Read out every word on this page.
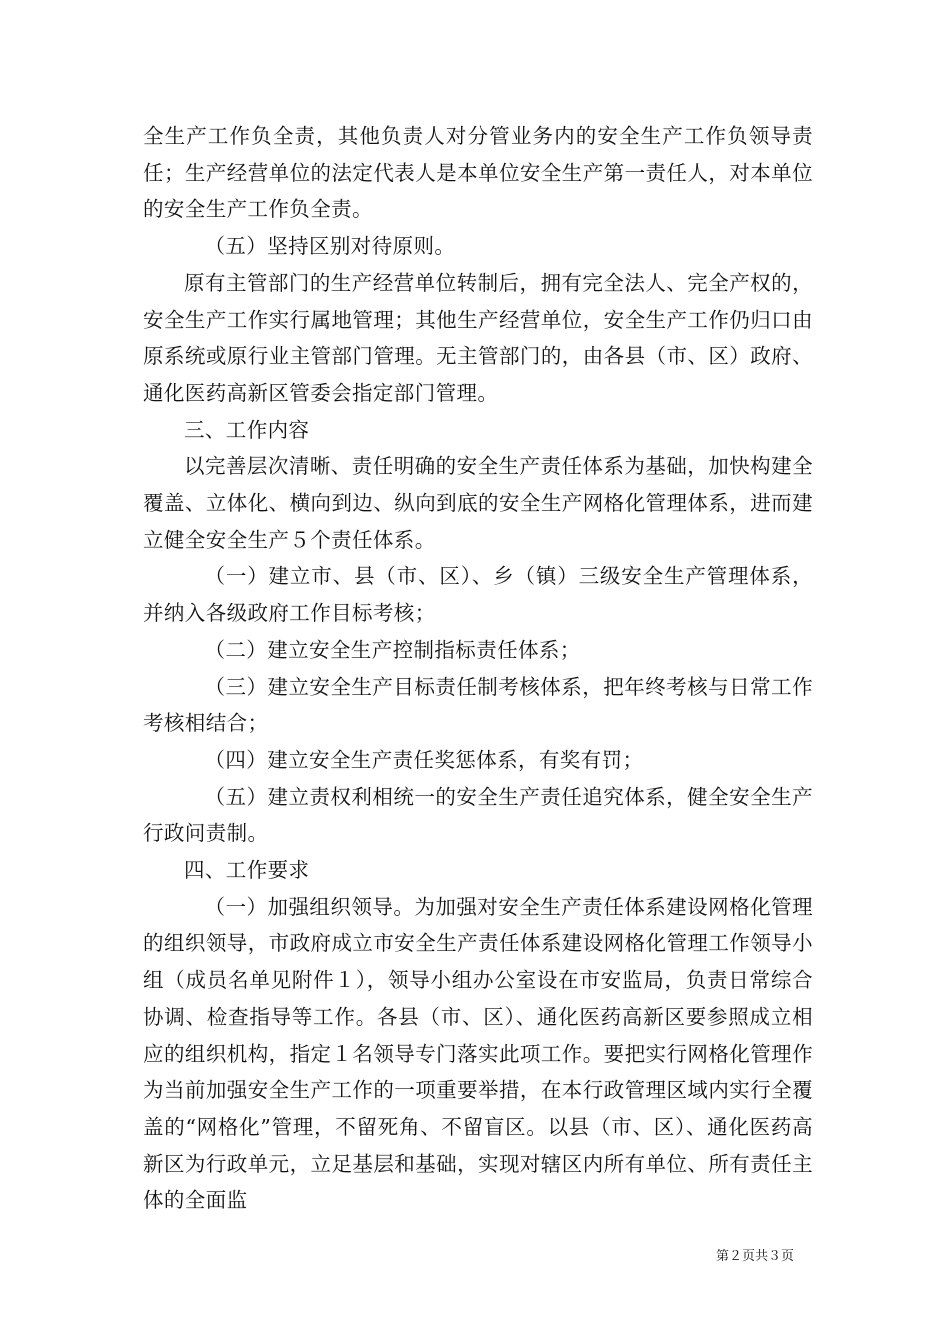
全生产工作负全责，其他负责人对分管业务内的安全生产工作负领导责任；生产经营单位的法定代表人是本单位安全生产第一责任人，对本单位的安全生产工作负全责。

（五）坚持区别对待原则。

原有主管部门的生产经营单位转制后，拥有完全法人、完全产权的，安全生产工作实行属地管理；其他生产经营单位，安全生产工作仍归口由原系统或原行业主管部门管理。无主管部门的，由各县（市、区）政府、通化医药高新区管委会指定部门管理。

三、工作内容

以完善层次清晰、责任明确的安全生产责任体系为基础，加快构建全覆盖、立体化、横向到边、纵向到底的安全生产网格化管理体系，进而建立健全安全生产５个责任体系。

（一）建立市、县（市、区）、乡（镇）三级安全生产管理体系，并纳入各级政府工作目标考核；

（二）建立安全生产控制指标责任体系；

（三）建立安全生产目标责任制考核体系，把年终考核与日常工作考核相结合；

（四）建立安全生产责任奖惩体系，有奖有罚；

（五）建立责权利相统一的安全生产责任追究体系，健全安全生产行政问责制。

四、工作要求

（一）加强组织领导。为加强对安全生产责任体系建设网格化管理的组织领导，市政府成立市安全生产责任体系建设网格化管理工作领导小组（成员名单见附件１），领导小组办公室设在市安监局，负责日常综合协调、检查指导等工作。各县（市、区）、通化医药高新区要参照成立相应的组织机构，指定１名领导专门落实此项工作。要把实行网格化管理作为当前加强安全生产工作的一项重要举措，在本行政管理区域内实行全覆盖的“网格化”管理，不留死角、不留盲区。以县（市、区）、通化医药高新区为行政单元，立足基层和基础，实现对辖区内所有单位、所有责任主体的全面监

第２页共３页
